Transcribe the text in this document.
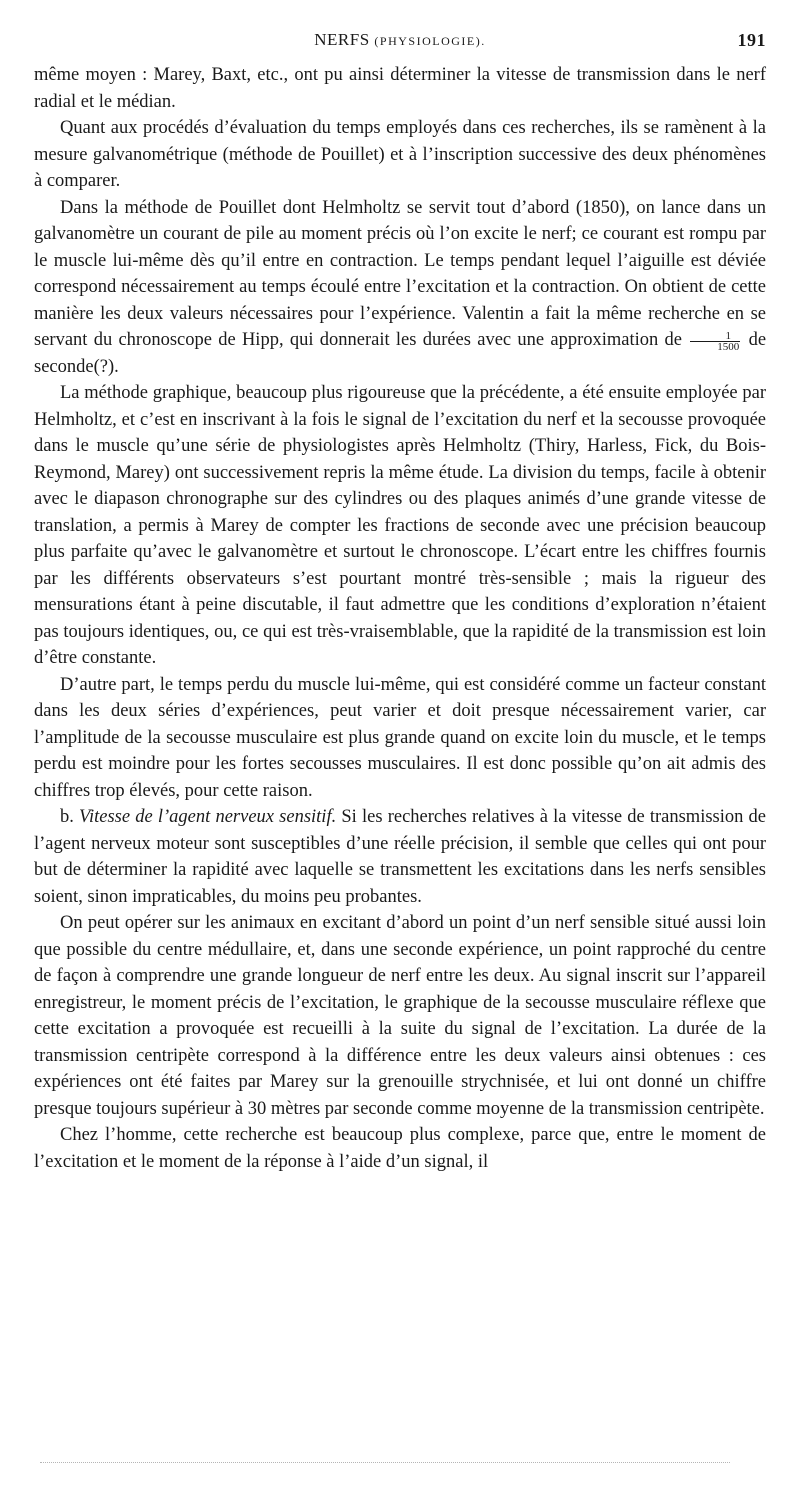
NERFS (PHYSIOLOGIE).	191

même moyen : Marey, Baxt, etc., ont pu ainsi déterminer la vitesse de transmission dans le nerf radial et le médian.

Quant aux procédés d’évaluation du temps employés dans ces recherches, ils se ramènent à la mesure galvanométrique (méthode de Pouillet) et à l’inscription successive des deux phénomènes à comparer.

Dans la méthode de Pouillet dont Helmholtz se servit tout d’abord (1850), on lance dans un galvanomètre un courant de pile au moment précis où l’on excite le nerf; ce courant est rompu par le muscle lui-même dès qu’il entre en contraction. Le temps pendant lequel l’aiguille est déviée correspond nécessairement au temps écoulé entre l’excitation et la contraction. On obtient de cette manière les deux valeurs nécessaires pour l’expérience. Valentin a fait la même recherche en se servant du chronoscope de Hipp, qui donnerait les durées avec une approximation de $\frac{1}{1500}$ de seconde(?).

La méthode graphique, beaucoup plus rigoureuse que la précédente, a été ensuite employée par Helmholtz, et c’est en inscrivant à la fois le signal de l’excitation du nerf et la secousse provoquée dans le muscle qu’une série de physiologistes après Helmholtz (Thiry, Harless, Fick, du Bois-Reymond, Marey) ont successivement repris la même étude. La division du temps, facile à obtenir avec le diapason chronographe sur des cylindres ou des plaques animés d’une grande vitesse de translation, a permis à Marey de compter les fractions de seconde avec une précision beaucoup plus parfaite qu’avec le galvanomètre et surtout le chronoscope. L’écart entre les chiffres fournis par les différents observateurs s’est pourtant montré très-sensible ; mais la rigueur des mensurations étant à peine discutable, il faut admettre que les conditions d’exploration n’étaient pas toujours identiques, ou, ce qui est très-vraisemblable, que la rapidité de la transmission est loin d’être constante.

D’autre part, le temps perdu du muscle lui-même, qui est considéré comme un facteur constant dans les deux séries d’expériences, peut varier et doit presque nécessairement varier, car l’amplitude de la secousse musculaire est plus grande quand on excite loin du muscle, et le temps perdu est moindre pour les fortes secousses musculaires. Il est donc possible qu’on ait admis des chiffres trop élevés, pour cette raison.

b. Vitesse de l’agent nerveux sensitif. Si les recherches relatives à la vitesse de transmission de l’agent nerveux moteur sont susceptibles d’une réelle précision, il semble que celles qui ont pour but de déterminer la rapidité avec laquelle se transmettent les excitations dans les nerfs sensibles soient, sinon impraticables, du moins peu probantes.

On peut opérer sur les animaux en excitant d’abord un point d’un nerf sensible situé aussi loin que possible du centre médullaire, et, dans une seconde expérience, un point rapproché du centre de façon à comprendre une grande longueur de nerf entre les deux. Au signal inscrit sur l’appareil enregistreur, le moment précis de l’excitation, le graphique de la secousse musculaire réflexe que cette excitation a provoquée est recueilli à la suite du signal de l’excitation. La durée de la transmission centripète correspond à la différence entre les deux valeurs ainsi obtenues : ces expériences ont été faites par Marey sur la grenouille strychnisée, et lui ont donné un chiffre presque toujours supérieur à 30 mètres par seconde comme moyenne de la transmission centripète.

Chez l’homme, cette recherche est beaucoup plus complexe, parce que, entre le moment de l’excitation et le moment de la réponse à l’aide d’un signal, il
